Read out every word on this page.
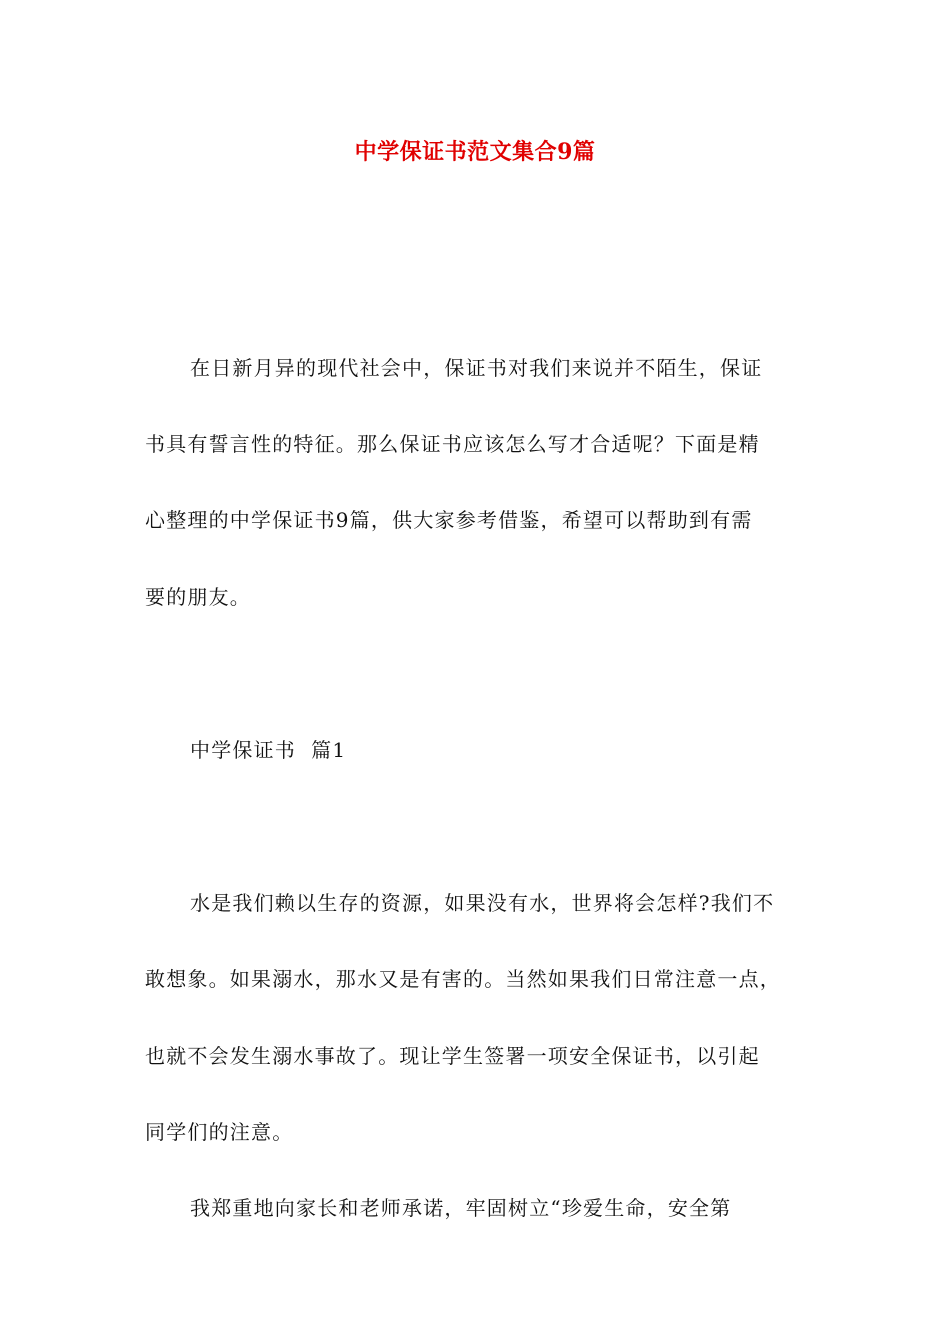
中学保证书范文集合9篇
在日新月异的现代社会中，保证书对我们来说并不陌生，保证
书具有誓言性的特征。那么保证书应该怎么写才合适呢？下面是精
心整理的中学保证书9篇，供大家参考借鉴，希望可以帮助到有需
要的朋友。
中学保证书  篇1
水是我们赖以生存的资源，如果没有水，世界将会怎样?我们不
敢想象。如果溺水，那水又是有害的。当然如果我们日常注意一点，
也就不会发生溺水事故了。现让学生签署一项安全保证书，以引起
同学们的注意。
我郑重地向家长和老师承诺，牢固树立“珍爱生命，安全第
